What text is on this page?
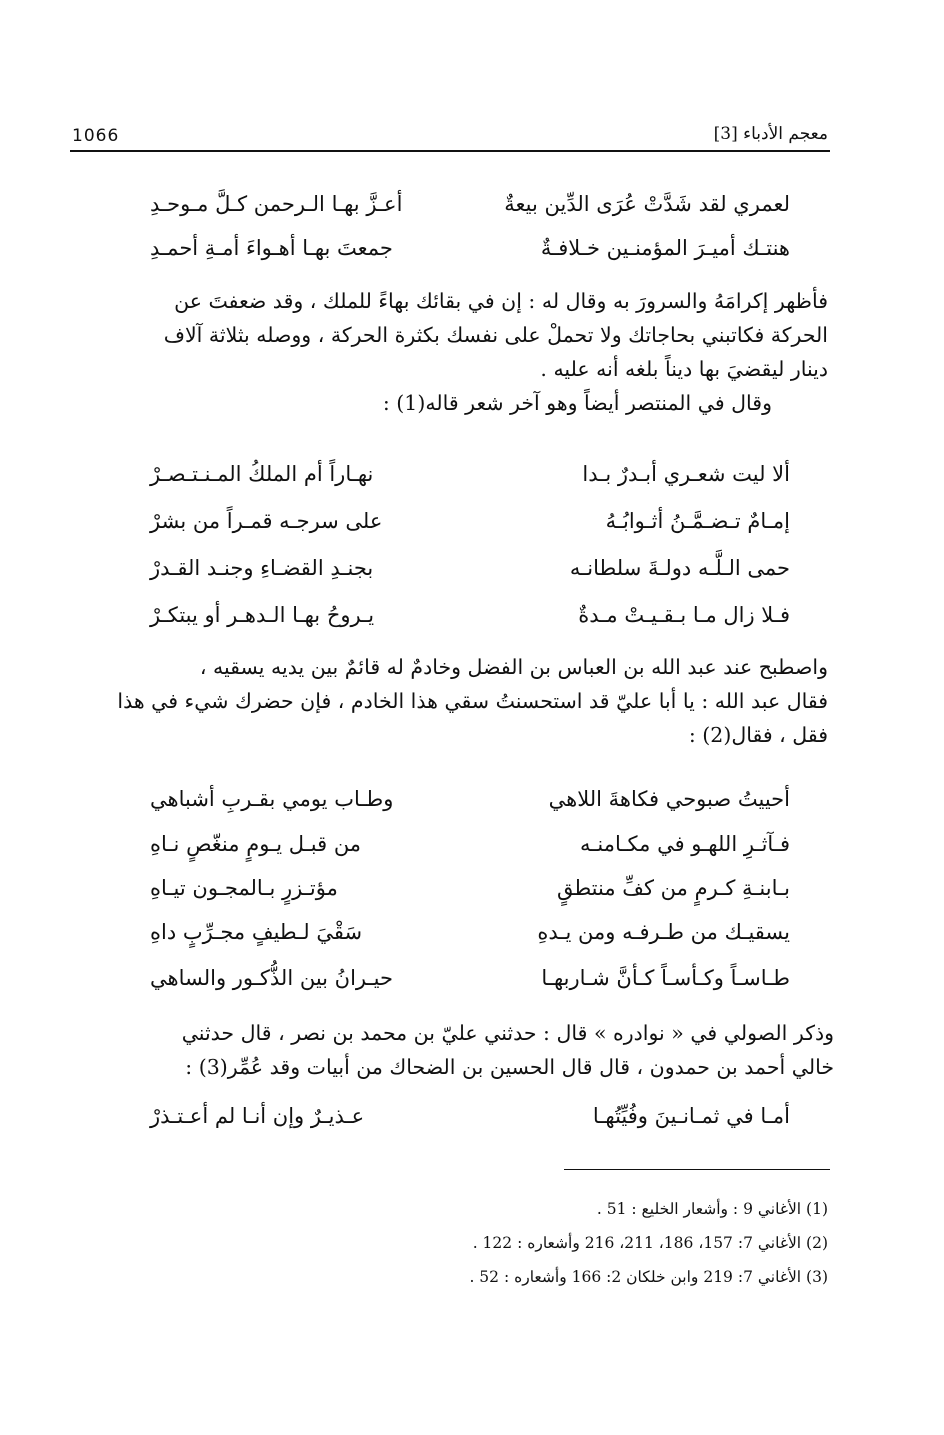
1066	معجم الأدباء [3]
لعمري لقد شَدَّتْ عُرَى الدِّين بيعةٌ
أعـزَّ بهـا الـرحمن كـلَّ مـوحـدِ
هنتـك أميـرَ المؤمنـين خـلافـةٌ
جمعتَ بهـا أهـواءَ أمـةِ أحمـدِ
فأظهر إكرامَهُ والسرورَ به وقال له : إن في بقائك بهاءً للملك ، وقد ضعفتَ عن
الحركة فكاتبني بحاجاتك ولا تحملْ على نفسك بكثرة الحركة ، ووصله بثلاثة آلاف
دينار ليقضيَ بها ديناً بلغه أنه عليه .
وقال في المنتصر أيضاً وهو آخر شعر قاله(1) :
ألا ليت شعـري أبـدرٌ بـدا
نهـاراً أم الملكُ المـنـتـصـرْ
إمـامٌ تـضـمَّـنُ أثـوابُـهُ
على سرجـه قمـراً من بشرْ
حمى الـلَّـه دولـةَ سلطانـه
بجنـدِ القضـاءِ وجنـد القـدرْ
فـلا زال مـا بـقـيـتْ مـدةٌ
يـروحُ بهـا الـدهـر أو يبتكـرْ
واصطبح عند عبد الله بن العباس بن الفضل وخادمٌ له قائمٌ بين يديه يسقيه ،
فقال عبد الله : يا أبا عليّ قد استحسنتُ سقي هذا الخادم ، فإن حضرك شيء في هذا
فقل ، فقال(2) :
أحييتُ صبوحي فكاهةَ اللاهي
وطـاب يومي بقـربِ أشباهي
فـآثـرِ اللهـو في مكـامنـه
من قبـل يـومٍ منغّصٍ نـاهِ
بـابنـةِ كـرمٍ من كفِّ منتطقٍ
مؤتـزرٍ بـالمجـون تيـاهِ
يسقيـك من طـرفـه ومن يـدهِ
سَقْيَ لـطيفٍ مجـرِّبٍ داهِ
طـاسـاً وكـأسـاً كـأنَّ شـاربهـا
حيـرانُ بين الذُّكـور والساهي
وذكر الصولي في « نوادره » قال : حدثني عليّ بن محمد بن نصر ، قال حدثني
خالي أحمد بن حمدون ، قال قال الحسين بن الضحاك من أبيات وقد عُمِّر(3) :
أمـا في ثمـانـينَ وفُيِّتُهـا
عـذيـرٌ وإن أنـا لم أعـتـذرْ
(1) الأغاني 9 : وأشعار الخليع : 51 .
(2) الأغاني 7: 157، 186، 211، 216 وأشعاره : 122 .
(3) الأغاني 7: 219 وابن خلكان 2: 166 وأشعاره : 52 .
